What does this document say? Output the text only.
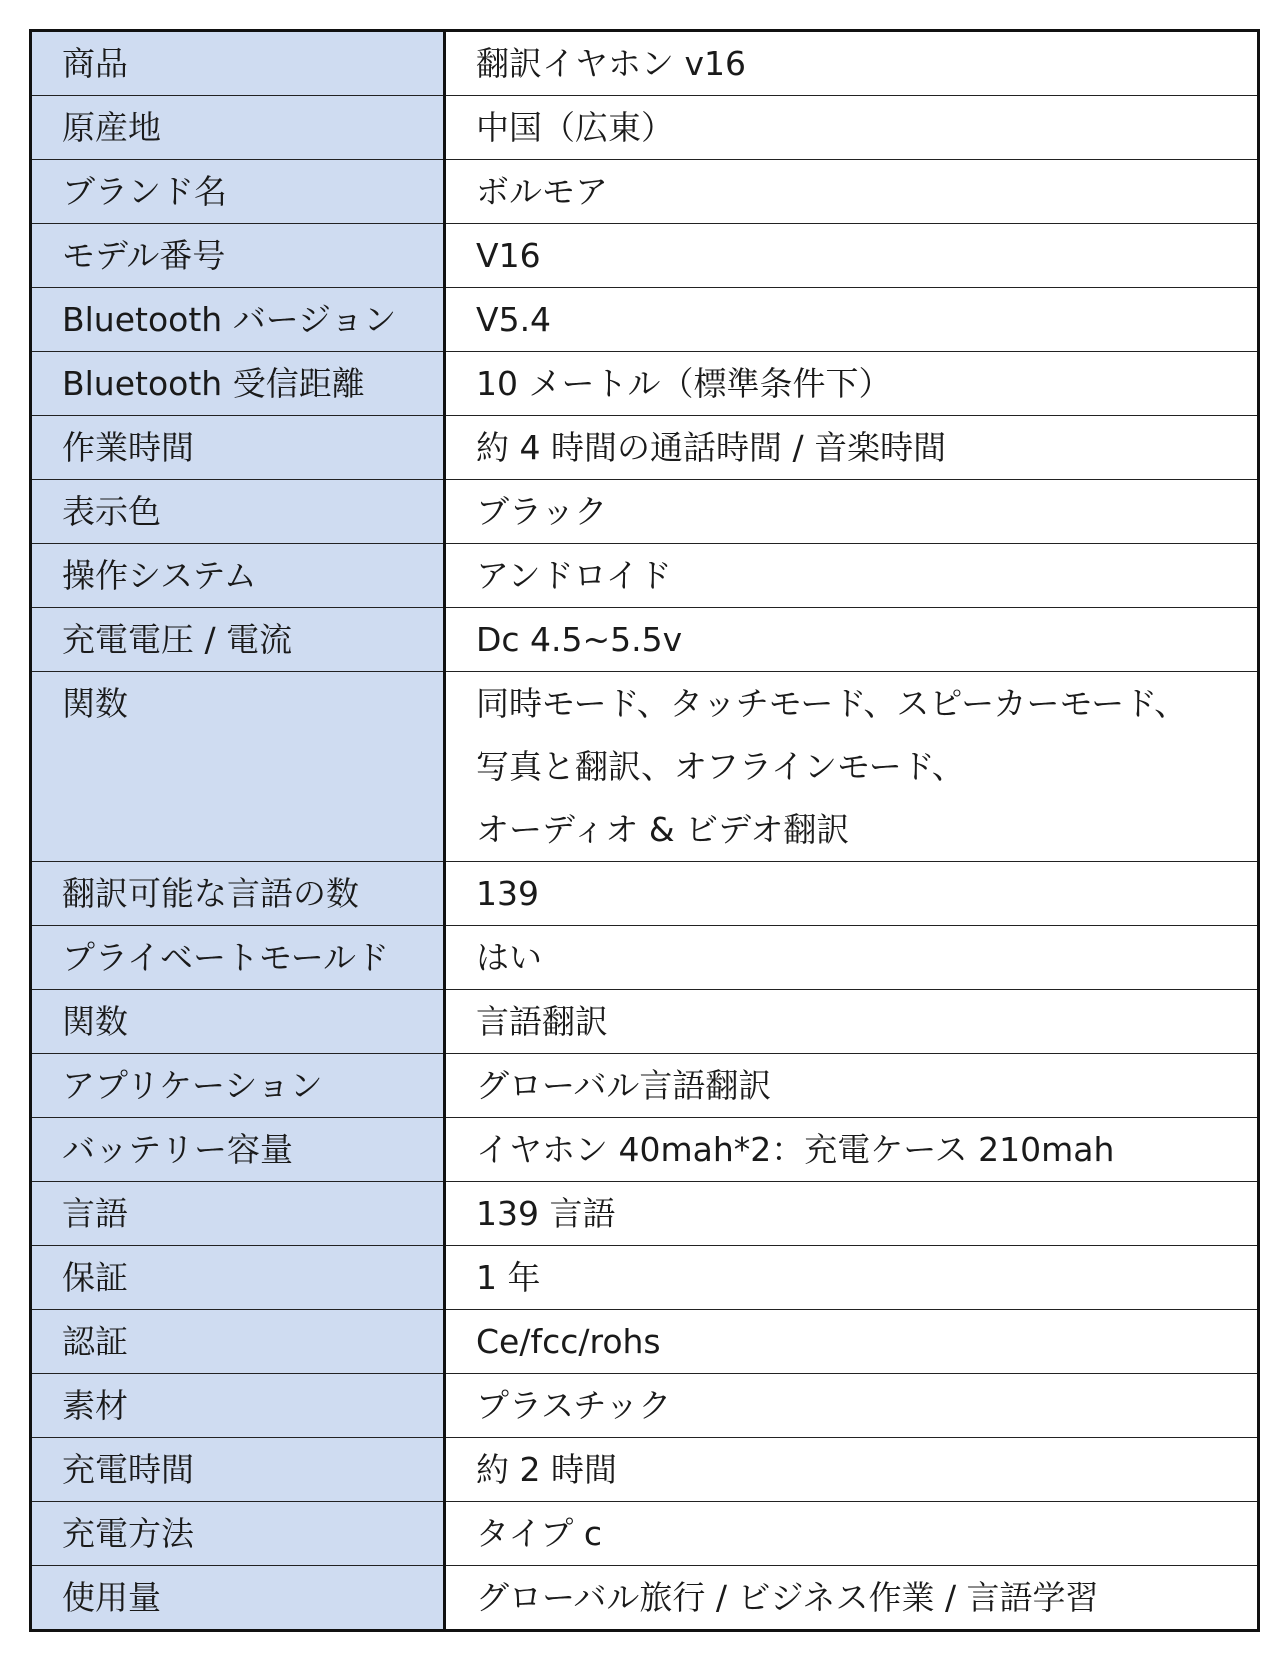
商品	翻訳イヤホン v16

原産地	中国（広東）

ブランド名	ボルモア

モデル番号	V16

Bluetooth バージョン	V5.4

Bluetooth 受信距離	10 メートル（標準条件下）

作業時間	約 4 時間の通話時間 / 音楽時間

表示色	ブラック

操作システム	アンドロイド

充電電圧 / 電流	Dc 4.5~5.5v

関数	同時モード、タッチモード、スピーカーモード、
写真と翻訳、オフラインモード、
オーディオ & ビデオ翻訳

翻訳可能な言語の数	139

プライベートモールド	はい

関数	言語翻訳

アプリケーション	グローバル言語翻訳

バッテリー容量	イヤホン 40mah*2：充電ケース 210mah

言語	139 言語

保証	1 年

認証	Ce/fcc/rohs

素材	プラスチック

充電時間	約 2 時間

充電方法	タイプ c

使用量	グローバル旅行 / ビジネス作業 / 言語学習
